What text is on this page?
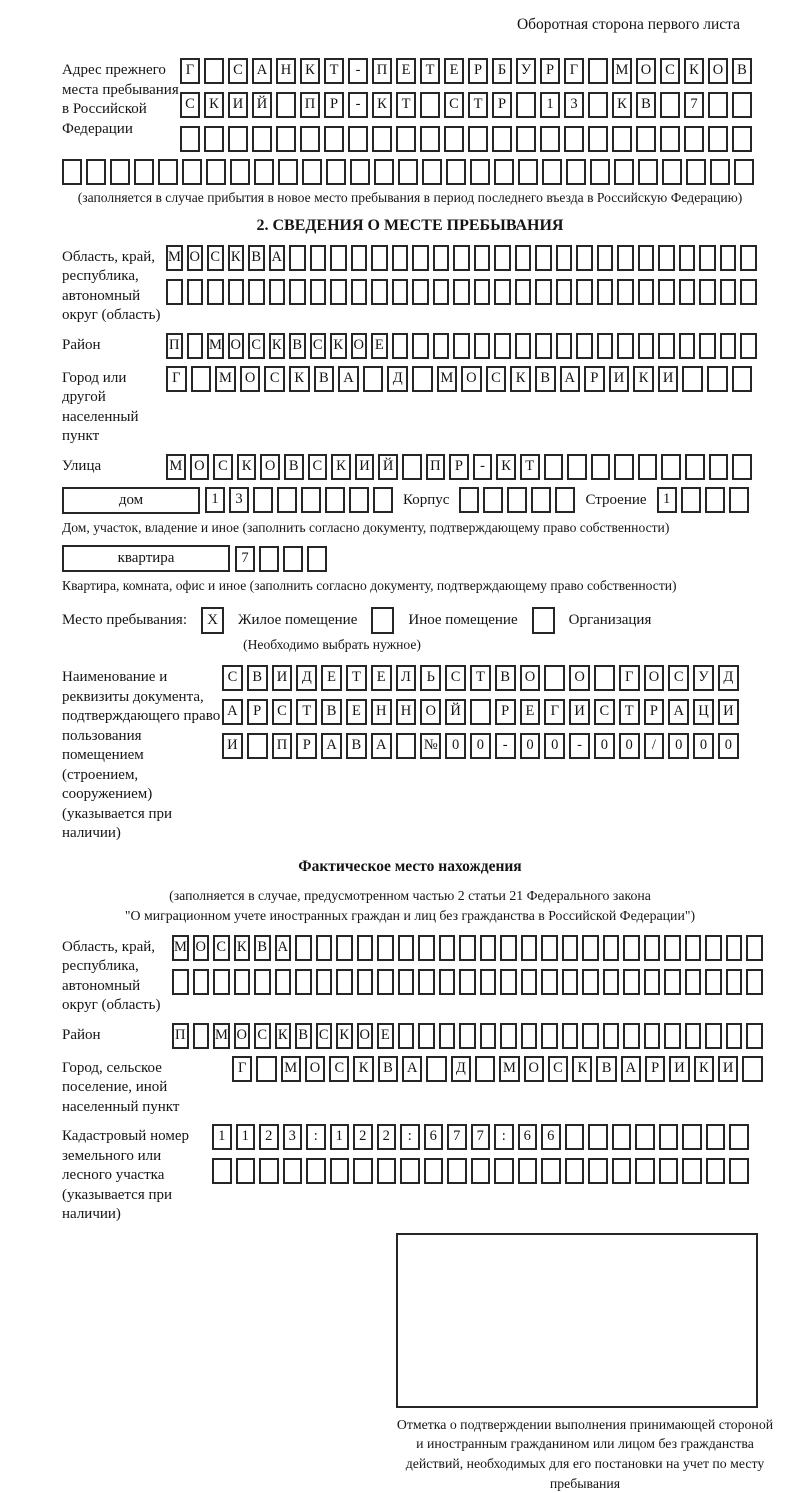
Оборотная сторона первого листа
Адрес прежнего места пребывания в Российской Федерации
Г	С А Н К	Т	-	П Е	Т	Е	Р	Б	У	Р	Г	М О С К О В
С К И Й	П	Р	-	К	Т	С	Т	Р	1	3	К В	7
(заполняется в случае прибытия в новое место пребывания в период последнего въезда в Российскую Федерацию)
2. СВЕДЕНИЯ О МЕСТЕ ПРЕБЫВАНИЯ
Область, край, республика, автономный округ (область)
М О С К В А
Район	П М О С К В С К О Е
Город или другой населенный пункт
Г	М О	С	К	В	А	Д	М О	С	К	В	А	Р	И	К	И
Улица	М О С К О В С К И Й	П Р	-	К Т
дом	1	3	Корпус	Строение	1
Дом, участок, владение и иное (заполнить согласно документу, подтверждающему право собственности)
квартира	7
Квартира, комната, офис и иное (заполнить согласно документу, подтверждающему право собственности)
Место пребывания:	X	Жилое помещение	Иное помещение	Организация
(Необходимо выбрать нужное)
Наименование и реквизиты документа, подтверждающего право пользования помещением (строением, сооружением) (указывается при наличии)
С	В	И	Д	Е	Т	Е	Л	Ь	С	Т	В	О	О	Г	О	С	У	Д
А	Р	С	Т	В	Е	Н Н О Й	Р	Е	Г	И	С	Т	Р	А Ц И
И	П	Р	А	В	А	№ 0	0	-	0	0	-	0	0	/	0	0	0
Фактическое место нахождения
(заполняется в случае, предусмотренном частью 2 статьи 21 Федерального закона
"О миграционном учете иностранных граждан и лиц без гражданства в Российской Федерации")
Область, край, республика, автономный округ (область)
М О С К В А
Район	П М О С К В С К О Е
Город, сельское поселение, иной населенный пункт
Г	М О С	К	В А	Д	М О С	К	В А	Р	И К И
Кадастровый номер земельного или лесного участка (указывается при наличии)
1	1	2	3	:	1	2	2	:	6	7	7	:	6	6
Отметка о подтверждении выполнения принимающей стороной и иностранным гражданином или лицом без гражданства действий, необходимых для его постановки на учет по месту пребывания
